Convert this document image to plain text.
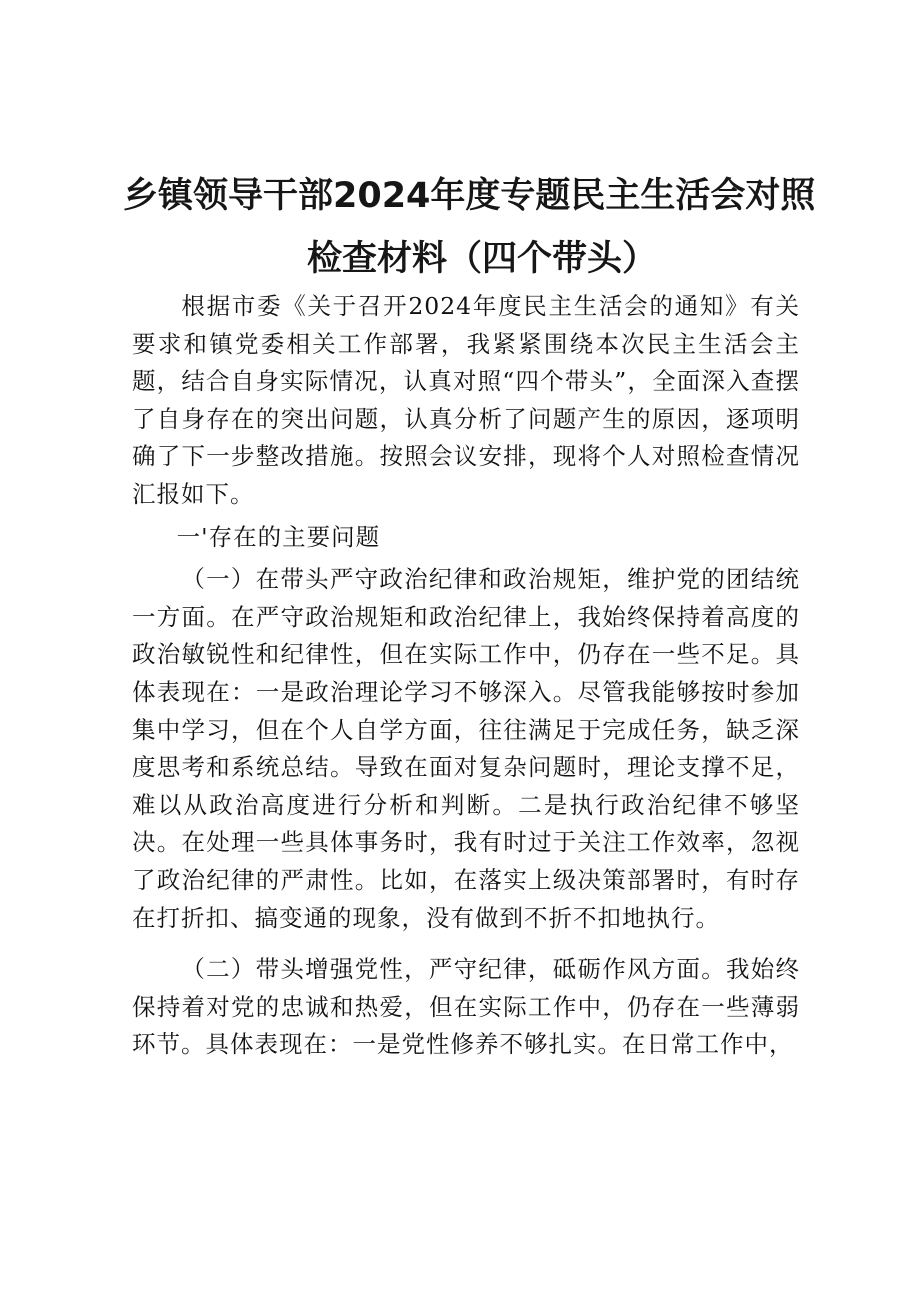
乡镇领导干部2024年度专题民主生活会对照
检查材料（四个带头）

根据市委《关于召开2024年度民主生活会的通知》有关要求和镇党委相关工作部署，我紧紧围绕本次民主生活会主题，结合自身实际情况，认真对照“四个带头”，全面深入查摆了自身存在的突出问题，认真分析了问题产生的原因，逐项明确了下一步整改措施。按照会议安排，现将个人对照检查情况汇报如下。

一'存在的主要问题

（一）在带头严守政治纪律和政治规矩，维护党的团结统一方面。在严守政治规矩和政治纪律上，我始终保持着高度的政治敏锐性和纪律性，但在实际工作中，仍存在一些不足。具体表现在：一是政治理论学习不够深入。尽管我能够按时参加集中学习，但在个人自学方面，往往满足于完成任务，缺乏深度思考和系统总结。导致在面对复杂问题时，理论支撑不足，难以从政治高度进行分析和判断。二是执行政治纪律不够坚决。在处理一些具体事务时，我有时过于关注工作效率，忽视了政治纪律的严肃性。比如，在落实上级决策部署时，有时存在打折扣、搞变通的现象，没有做到不折不扣地执行。

（二）带头增强党性，严守纪律，砥砺作风方面。我始终保持着对党的忠诚和热爱，但在实际工作中，仍存在一些薄弱环节。具体表现在：一是党性修养不够扎实。在日常工作中，
